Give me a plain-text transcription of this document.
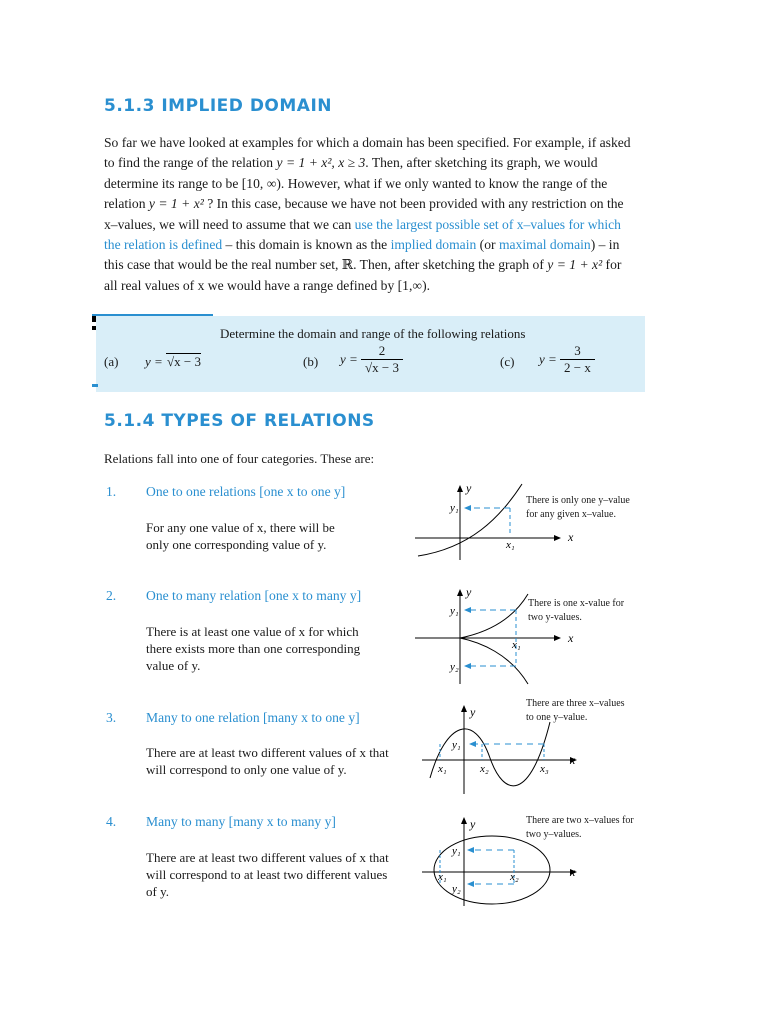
5.1.3 IMPLIED DOMAIN
So far we have looked at examples for which a domain has been specified. For example, if asked
to find the range of the relation y = 1 + x², x ≥ 3. Then, after sketching its graph, we would
determine its range to be [10, ∞). However, what if we only wanted to know the range of the
relation y = 1 + x² ? In this case, because we have not been provided with any restriction on the
x–values, we will need to assume that we can use the largest possible set of x–values for which
the relation is defined – this domain is known as the implied domain (or maximal domain) – in
this case that would be the real number set, ℝ. Then, after sketching the graph of y = 1 + x² for
all real values of x we would have a range defined by [1,∞).
Determine the domain and range of the following relations
(a) y = √x − 3	(b) $y = \frac{2}{√x - 3}$	(c) $y = \frac{3}{2 - x}$
5.1.4 TYPES OF RELATIONS
Relations fall into one of four categories. These are:
1. One to one relations [one x to one y]
For any one value of x, there will be
only one corresponding value of y.
2. One to many relation [one x to many y]
There is at least one value of x for which
there exists more than one corresponding
value of y.
3. Many to one relation [many x to one y]
There are at least two different values of x that
will correspond to only one value of y.
4. Many to many [many x to many y]
There are at least two different values of x that
will correspond to at least two different values
of y.
There is only one y–value
for any given x–value.
There is one x-value for
two y-values.
There are three x–values
to one y–value.
There are two x–values for
two y–values.
y
y₁
x₁
x
y
y₁
y₂
x₁	x
y
y₁
x₁	x₂	x₃
x
y
y₁
y₂
x₁	x₂	x
